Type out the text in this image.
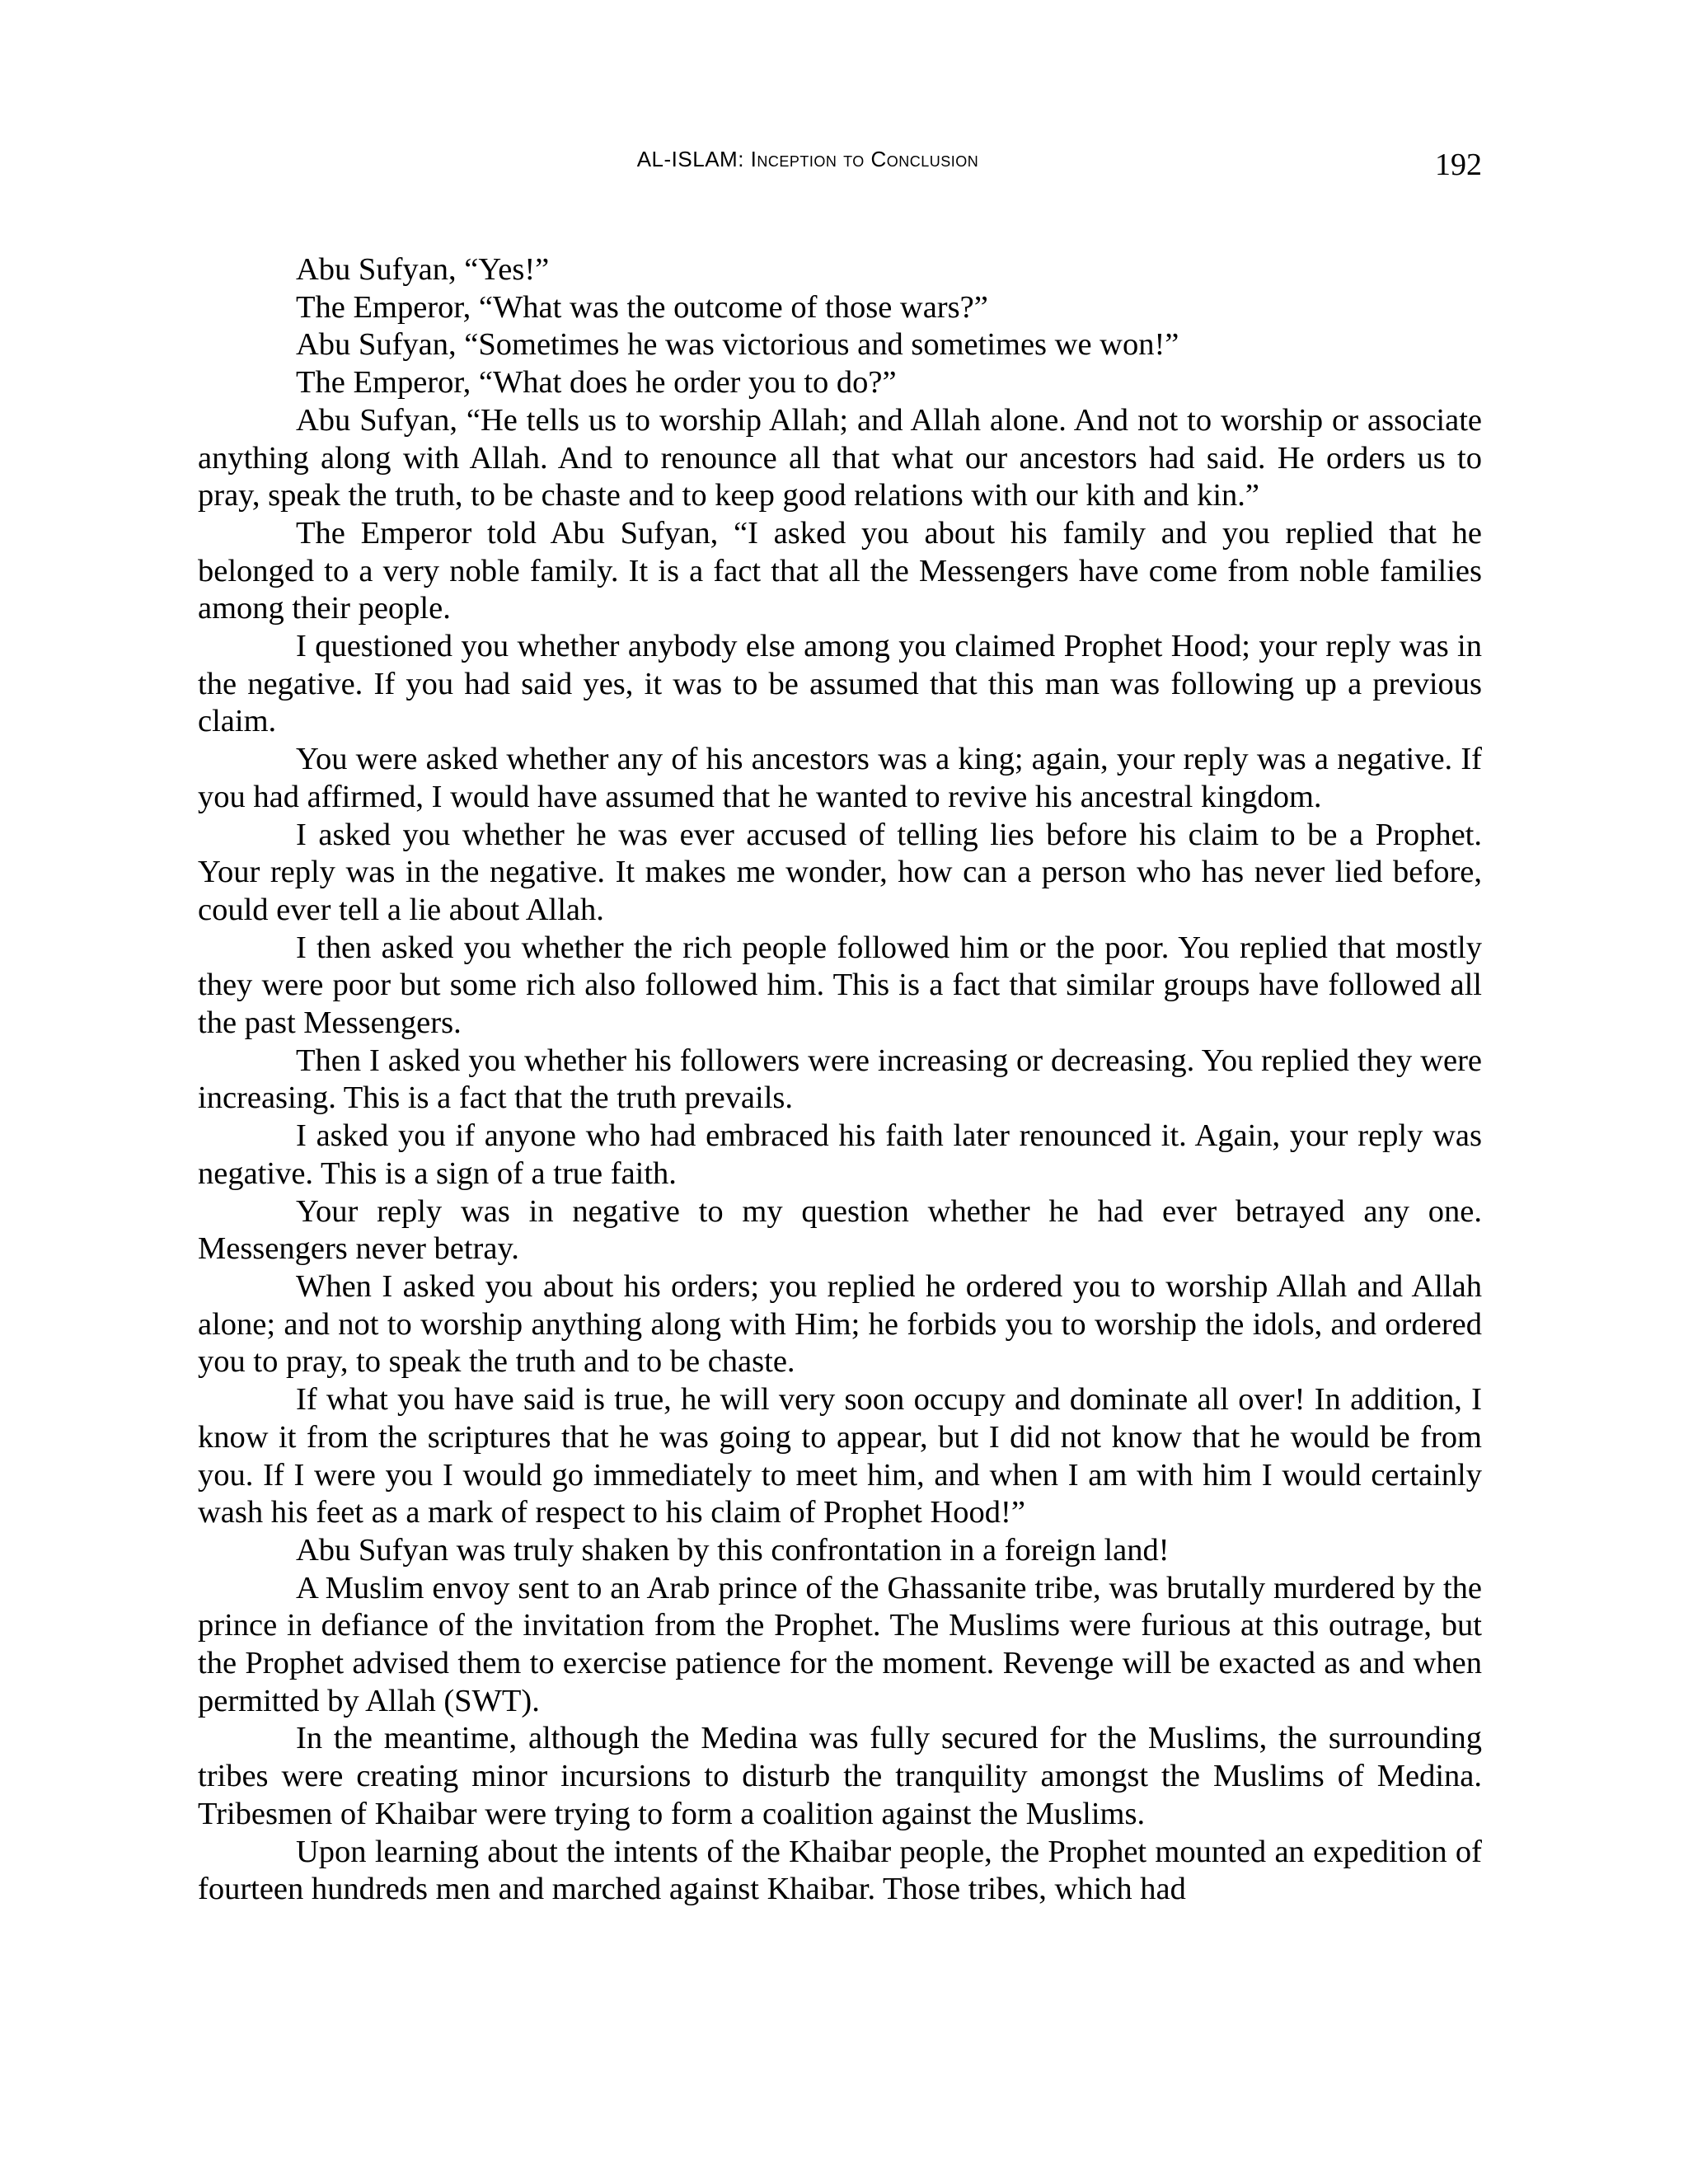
AL-ISLAM: Inception to Conclusion	192

Abu Sufyan, “Yes!”

The Emperor, “What was the outcome of those wars?”

Abu Sufyan, “Sometimes he was victorious and sometimes we won!”

The Emperor, “What does he order you to do?”

Abu Sufyan, “He tells us to worship Allah; and Allah alone. And not to worship or associate anything along with Allah. And to renounce all that what our ancestors had said. He orders us to pray, speak the truth, to be chaste and to keep good relations with our kith and kin.”

The Emperor told Abu Sufyan, “I asked you about his family and you replied that he belonged to a very noble family. It is a fact that all the Messengers have come from noble families among their people.

I questioned you whether anybody else among you claimed Prophet Hood; your reply was in the negative. If you had said yes, it was to be assumed that this man was following up a previous claim.

You were asked whether any of his ancestors was a king; again, your reply was a negative. If you had affirmed, I would have assumed that he wanted to revive his ancestral kingdom.

I asked you whether he was ever accused of telling lies before his claim to be a Prophet. Your reply was in the negative. It makes me wonder, how can a person who has never lied before, could ever tell a lie about Allah.

I then asked you whether the rich people followed him or the poor. You replied that mostly they were poor but some rich also followed him. This is a fact that similar groups have followed all the past Messengers.

Then I asked you whether his followers were increasing or decreasing. You replied they were increasing. This is a fact that the truth prevails.

I asked you if anyone who had embraced his faith later renounced it. Again, your reply was negative. This is a sign of a true faith.

Your reply was in negative to my question whether he had ever betrayed any one. Messengers never betray.

When I asked you about his orders; you replied he ordered you to worship Allah and Allah alone; and not to worship anything along with Him; he forbids you to worship the idols, and ordered you to pray, to speak the truth and to be chaste.

If what you have said is true, he will very soon occupy and dominate all over! In addition, I know it from the scriptures that he was going to appear, but I did not know that he would be from you. If I were you I would go immediately to meet him, and when I am with him I would certainly wash his feet as a mark of respect to his claim of Prophet Hood!”

Abu Sufyan was truly shaken by this confrontation in a foreign land!

A Muslim envoy sent to an Arab prince of the Ghassanite tribe, was brutally murdered by the prince in defiance of the invitation from the Prophet. The Muslims were furious at this outrage, but the Prophet advised them to exercise patience for the moment. Revenge will be exacted as and when permitted by Allah (SWT).

In the meantime, although the Medina was fully secured for the Muslims, the surrounding tribes were creating minor incursions to disturb the tranquility amongst the Muslims of Medina. Tribesmen of Khaibar were trying to form a coalition against the Muslims.

Upon learning about the intents of the Khaibar people, the Prophet mounted an expedition of fourteen hundreds men and marched against Khaibar. Those tribes, which had
